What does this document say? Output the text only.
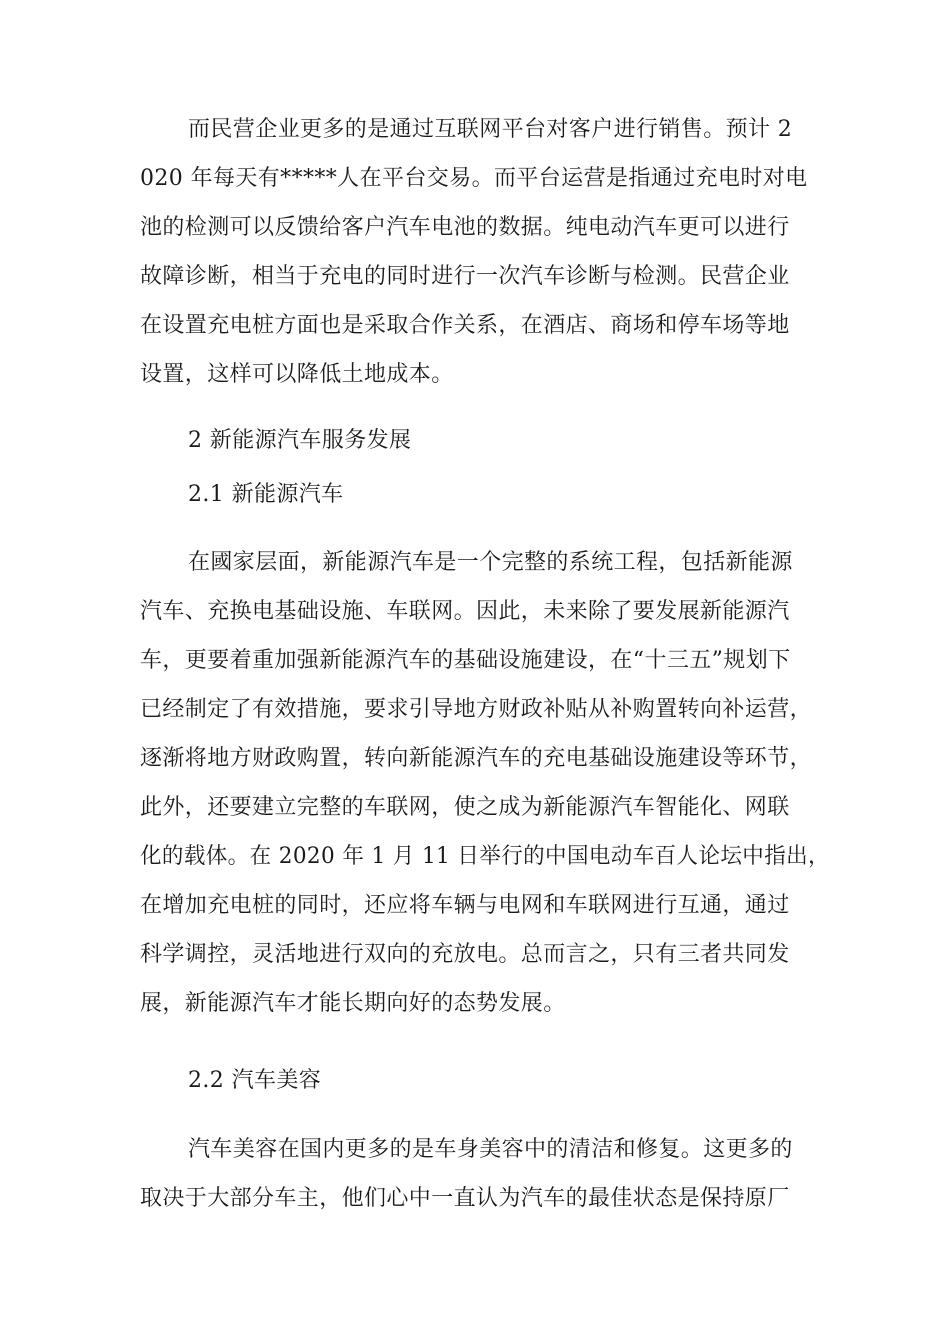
而民营企业更多的是通过互联网平台对客户进行销售。预计 2
020 年每天有*****人在平台交易。而平台运营是指通过充电时对电
池的检测可以反馈给客户汽车电池的数据。纯电动汽车更可以进行
故障诊断，相当于充电的同时进行一次汽车诊断与检测。民营企业
在设置充电桩方面也是采取合作关系，在酒店、商场和停车场等地
设置，这样可以降低土地成本。
2 新能源汽车服务发展
2.1 新能源汽车
在國家层面，新能源汽车是一个完整的系统工程，包括新能源
汽车、充换电基础设施、车联网。因此，未来除了要发展新能源汽
车，更要着重加强新能源汽车的基础设施建设，在“十三五”规划下
已经制定了有效措施，要求引导地方财政补贴从补购置转向补运营，
逐渐将地方财政购置，转向新能源汽车的充电基础设施建设等环节，
此外，还要建立完整的车联网，使之成为新能源汽车智能化、网联
化的载体。在 2020 年 1 月 11 日举行的中国电动车百人论坛中指出，
在增加充电桩的同时，还应将车辆与电网和车联网进行互通，通过
科学调控，灵活地进行双向的充放电。总而言之，只有三者共同发
展，新能源汽车才能长期向好的态势发展。
2.2 汽车美容
汽车美容在国内更多的是车身美容中的清洁和修复。这更多的
取决于大部分车主，他们心中一直认为汽车的最佳状态是保持原厂
